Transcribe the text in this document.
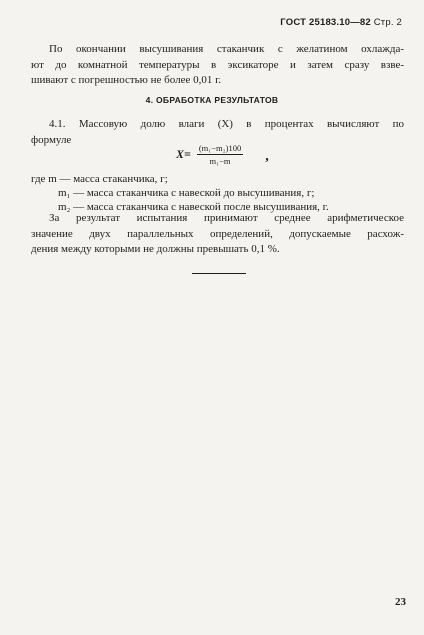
ГОСТ 25183.10—82 Стр. 2
По окончании высушивания стаканчик с желатином охлажда-
ют до комнатной температуры в эксикаторе и затем сразу взве-
шивают с погрешностью не более 0,01 г.
4. ОБРАБОТКА РЕЗУЛЬТАТОВ
4.1. Массовую долю влаги (X) в процентах вычисляют по
формуле
$X= \frac{\text{(m₁−m₂)100}}{\text{m₁−m}}$ ,
где m — масса стаканчика, г;
m₁ — масса стаканчика с навеской до высушивания, г;
m₂ — масса стаканчика с навеской после высушивания, г.
За результат испытания принимают среднее арифметическое
значение двух параллельных определений, допускаемые расхож-
дения между которыми не должны превышать 0,1 %.
23
